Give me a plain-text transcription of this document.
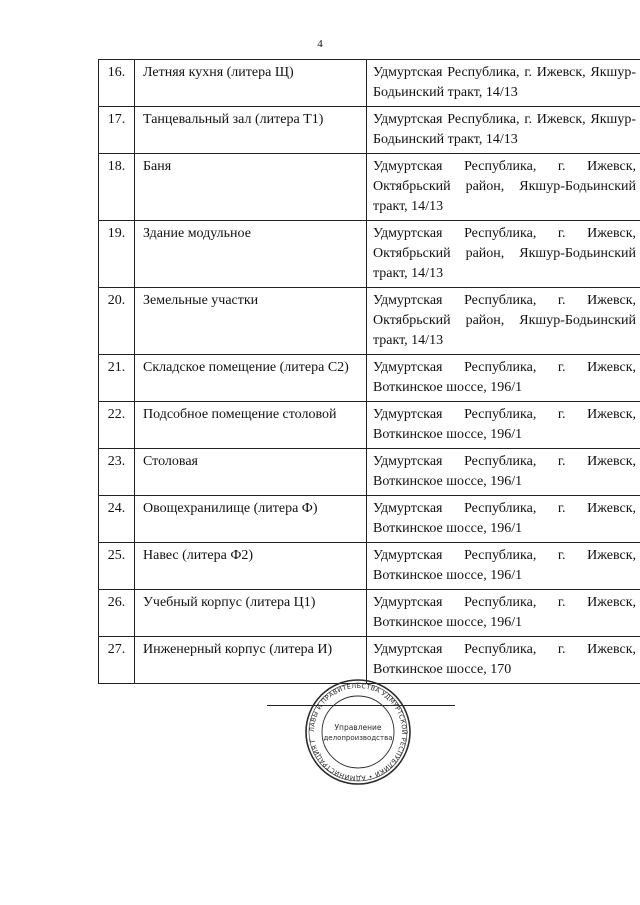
4
16.	Летняя кухня (литера Щ)	Удмуртская Республика, г. Ижевск, Якшур-Бодьинский тракт, 14/13
17.	Танцевальный зал (литера Т1)	Удмуртская Республика, г. Ижевск, Якшур-Бодьинский тракт, 14/13
18.	Баня	Удмуртская Республика, г. Ижевск, Октябрьский район, Якшур-Бодьинский тракт, 14/13
19.	Здание модульное	Удмуртская Республика, г. Ижевск, Октябрьский район, Якшур-Бодьинский тракт, 14/13
20.	Земельные участки	Удмуртская Республика, г. Ижевск, Октябрьский район, Якшур-Бодьинский тракт, 14/13
21.	Складское помещение (литера С2)	Удмуртская Республика, г. Ижевск, Воткинское шоссе, 196/1
22.	Подсобное помещение столовой	Удмуртская Республика, г. Ижевск, Воткинское шоссе, 196/1
23.	Столовая	Удмуртская Республика, г. Ижевск, Воткинское шоссе, 196/1
24.	Овощехранилище (литера Ф)	Удмуртская Республика, г. Ижевск, Воткинское шоссе, 196/1
25.	Навес (литера Ф2)	Удмуртская Республика, г. Ижевск, Воткинское шоссе, 196/1
26.	Учебный корпус (литера Ц1)	Удмуртская Республика, г. Ижевск, Воткинское шоссе, 196/1
27.	Инженерный корпус (литера И)	Удмуртская Республика, г. Ижевск, Воткинское шоссе, 170
ЛАВЫ И ПРАВИТЕЛЬСТВА УДМУРТСКОЙ РЕСПУБЛИКИ • АДМИНИСТРАЦИЯ Г
Управление
делопроизводства
